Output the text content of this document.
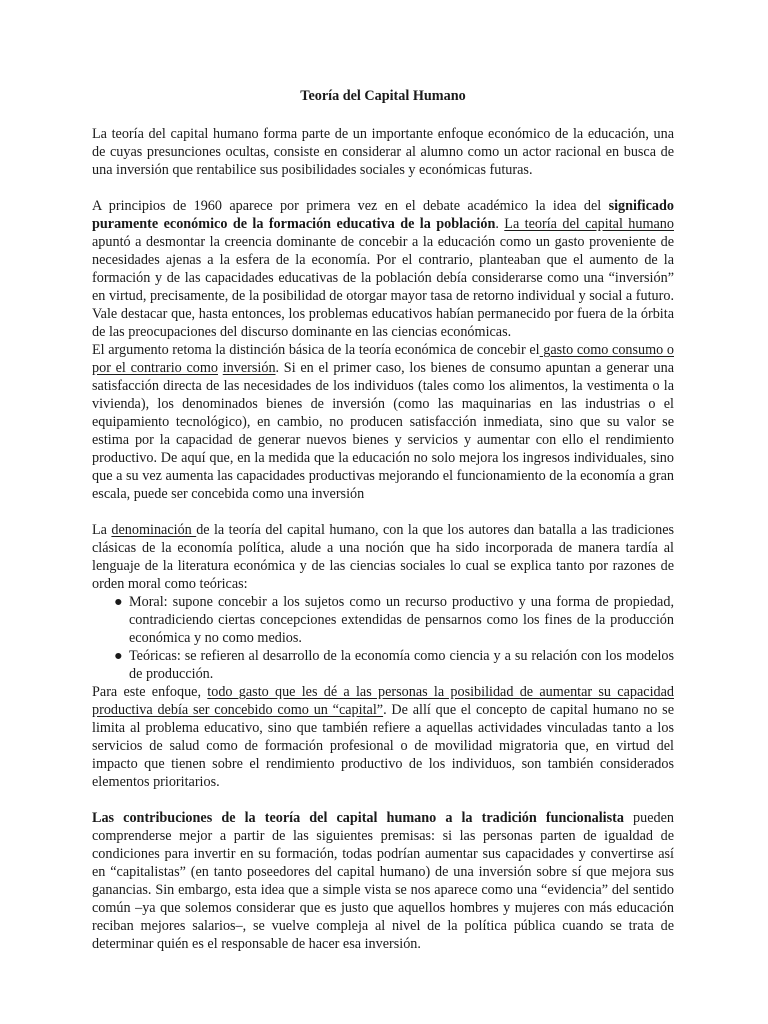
Teoría del Capital Humano

La teoría del capital humano forma parte de un importante enfoque económico de la educación, una de cuyas presunciones ocultas, consiste en considerar al alumno como un actor racional en busca de una inversión que rentabilice sus posibilidades sociales y económicas futuras.

A principios de 1960 aparece por primera vez en el debate académico la idea del significado puramente económico de la formación educativa de la población. La teoría del capital humano apuntó a desmontar la creencia dominante de concebir a la educación como un gasto proveniente de necesidades ajenas a la esfera de la economía. Por el contrario, planteaban que el aumento de la formación y de las capacidades educativas de la población debía considerarse como una “inversión” en virtud, precisamente, de la posibilidad de otorgar mayor tasa de retorno individual y social a futuro. Vale destacar que, hasta entonces, los problemas educativos habían permanecido por fuera de la órbita de las preocupaciones del discurso dominante en las ciencias económicas.

El argumento retoma la distinción básica de la teoría económica de concebir el gasto como consumo o por el contrario como inversión. Si en el primer caso, los bienes de consumo apuntan a generar una satisfacción directa de las necesidades de los individuos (tales como los alimentos, la vestimenta o la vivienda), los denominados bienes de inversión (como las maquinarias en las industrias o el equipamiento tecnológico), en cambio, no producen satisfacción inmediata, sino que su valor se estima por la capacidad de generar nuevos bienes y servicios y aumentar con ello el rendimiento productivo. De aquí que, en la medida que la educación no solo mejora los ingresos individuales, sino que a su vez aumenta las capacidades productivas mejorando el funcionamiento de la economía a gran escala, puede ser concebida como una inversión

La denominación de la teoría del capital humano, con la que los autores dan batalla a las tradiciones clásicas de la economía política, alude a una noción que ha sido incorporada de manera tardía al lenguaje de la literatura económica y de las ciencias sociales lo cual se explica tanto por razones de orden moral como teóricas:

● Moral: supone concebir a los sujetos como un recurso productivo y una forma de propiedad, contradiciendo ciertas concepciones extendidas de pensarnos como los fines de la producción económica y no como medios.
● Teóricas: se refieren al desarrollo de la economía como ciencia y a su relación con los modelos de producción.

Para este enfoque, todo gasto que les dé a las personas la posibilidad de aumentar su capacidad productiva debía ser concebido como un “capital”. De allí que el concepto de capital humano no se limita al problema educativo, sino que también refiere a aquellas actividades vinculadas tanto a los servicios de salud como de formación profesional o de movilidad migratoria que, en virtud del impacto que tienen sobre el rendimiento productivo de los individuos, son también considerados elementos prioritarios.

Las contribuciones de la teoría del capital humano a la tradición funcionalista pueden comprenderse mejor a partir de las siguientes premisas: si las personas parten de igualdad de condiciones para invertir en su formación, todas podrían aumentar sus capacidades y convertirse así en “capitalistas” (en tanto poseedores del capital humano) de una inversión sobre sí que mejora sus ganancias. Sin embargo, esta idea que a simple vista se nos aparece como una “evidencia” del sentido común –ya que solemos considerar que es justo que aquellos hombres y mujeres con más educación reciban mejores salarios–, se vuelve compleja al nivel de la política pública cuando se trata de determinar quién es el responsable de hacer esa inversión.
